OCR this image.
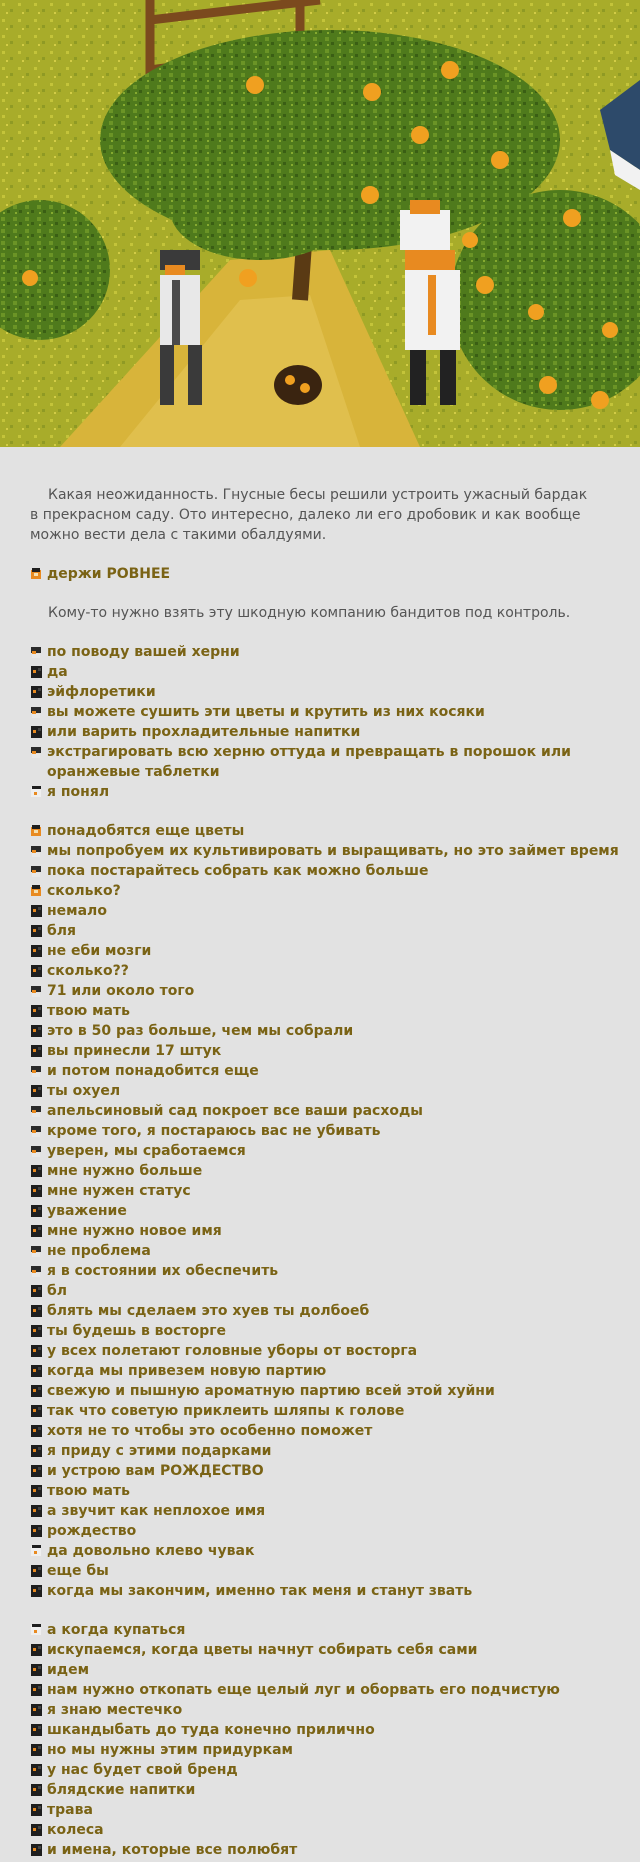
Какая неожиданность. Гнусные бесы решили устроить ужасный бардак в прекрасном саду. Ото интересно, далеко ли его дробовик и как вообще можно вести дела с такими обалдуями.

держи РОВНЕЕ

Кому-то нужно взять эту шкодную компанию бандитов под контроль.

по поводу вашей херни
да
эйфлоретики
вы можете сушить эти цветы и крутить из них косяки
или варить прохладительные напитки
экстрагировать всю херню оттуда и превращать в порошок или оранжевые таблетки
я понял
понадобятся еще цветы
мы попробуем их культивировать и выращивать, но это займет время
пока постарайтесь собрать как можно больше
сколько?
немало
бля
не еби мозги
сколько??
71 или около того
твою мать
это в 50 раз больше, чем мы собрали
вы принесли 17 штук
и потом понадобится еще
ты охуел
апельсиновый сад покроет все ваши расходы
кроме того, я постараюсь вас не убивать
уверен, мы сработаемся
мне нужно больше
мне нужен статус
уважение
мне нужно новое имя
не проблема
я в состоянии их обеспечить
бл
блять мы сделаем это хуев ты долбоеб
ты будешь в восторге
у всех полетают головные уборы от восторга
когда мы привезем новую партию
свежую и пышную ароматную партию всей этой хуйни
так что советую приклеить шляпы к голове
хотя не то чтобы это особенно поможет
я приду с этими подарками
и устрою вам РОЖДЕСТВО
твою мать
а звучит как неплохое имя
рождество
да довольно клево чувак
еще бы
когда мы закончим, именно так меня и станут звать
а когда купаться
искупаемся, когда цветы начнут собирать себя сами
идем
нам нужно откопать еще целый луг и оборвать его подчистую
я знаю местечко
шкандыбать до туда конечно прилично
но мы нужны этим придуркам
у нас будет свой бренд
блядские напитки
трава
колеса
и имена, которые все полюбят
